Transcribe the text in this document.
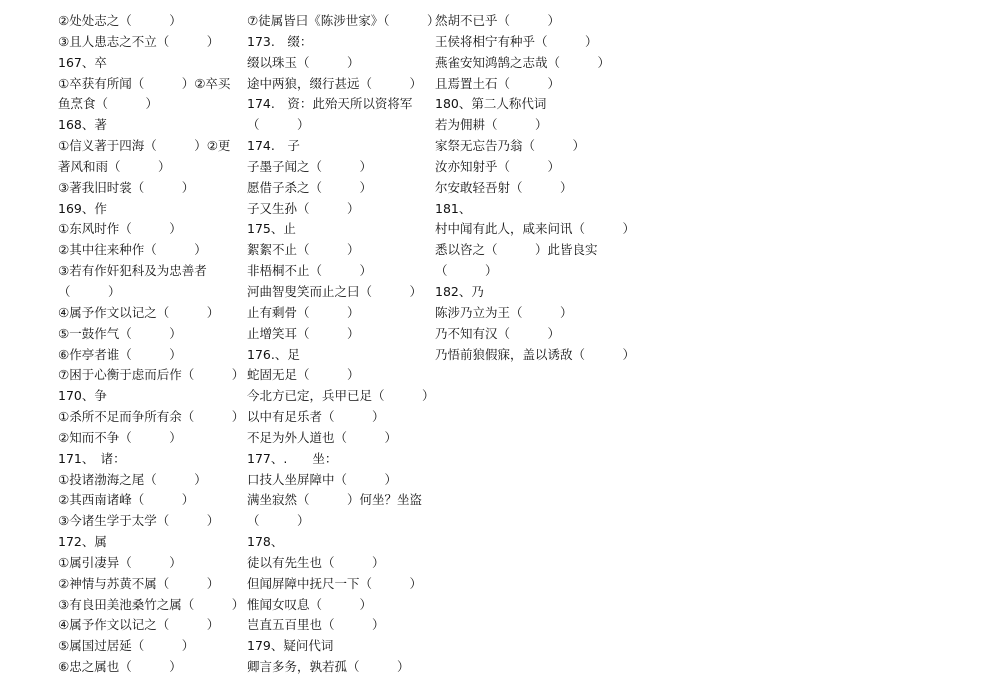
②处处志之（　　　）
③且人患志之不立（　　　）
167、卒
①卒获有所闻（　　　）②卒买
鱼烹食（　　　）
168、著
①信义著于四海（　　　）②更
著风和雨（　　　）
③著我旧时裳（　　　）
169、作
①东风时作（　　　）
②其中往来种作（　　　）
③若有作奸犯科及为忠善者
（　　　）
④属予作文以记之（　　　）
⑤一鼓作气（　　　）
⑥作亭者谁（　　　）
⑦困于心衡于虑而后作（　　　）
170、争
①杀所不足而争所有余（　　　）
②知而不争（　　　）
171、　诸：
①投诸渤海之尾（　　　）
②其西南诸峰（　　　）
③今诸生学于太学（　　　）
172、属
①属引凄异（　　　）
②神情与苏黄不属（　　　）
③有良田美池桑竹之属（　　　）
④属予作文以记之（　　　）
⑤属国过居延（　　　）
⑥忠之属也（　　　）
⑦徒属皆曰《陈涉世家》（　　　）
173.　缀：
缀以珠玉（　　　）
途中两狼，缀行甚远（　　　）
174.　资：此殆天所以资将军
（　　　）
174.　子
子墨子闻之（　　　）
愿借子杀之（　　　）
子又生孙（　　　）
175、止
絮絮不止（　　　）
非梧桐不止（　　　）
河曲智叟笑而止之曰（　　　）
止有剩骨（　　　）
止增笑耳（　　　）
176.、足
蛇固无足（　　　）
今北方已定，兵甲已足（　　　）
以中有足乐者（　　　）
不足为外人道也（　　　）
177、.　　坐：
口技人坐屏障中（　　　）
满坐寂然（　　　）何坐？坐盗
（　　　）
178、
徒以有先生也（　　　）
但闻屏障中抚尺一下（　　　）
惟闻女叹息（　　　）
岂直五百里也（　　　）
179、疑问代词
卿言多务，孰若孤（　　　）
然胡不已乎（　　　）
王侯将相宁有种乎（　　　）
燕雀安知鸿鹄之志哉（　　　）
且焉置土石（　　　）
180、第二人称代词
若为佣耕（　　　）
家祭无忘告乃翁（　　　）
汝亦知射乎（　　　）
尔安敢轻吾射（　　　）
181、
村中闻有此人，咸来问讯（　　　）
悉以咨之（　　　）此皆良实
（　　　）
182、乃
陈涉乃立为王（　　　）
乃不知有汉（　　　）
乃悟前狼假寐，盖以诱敌（　　　）
